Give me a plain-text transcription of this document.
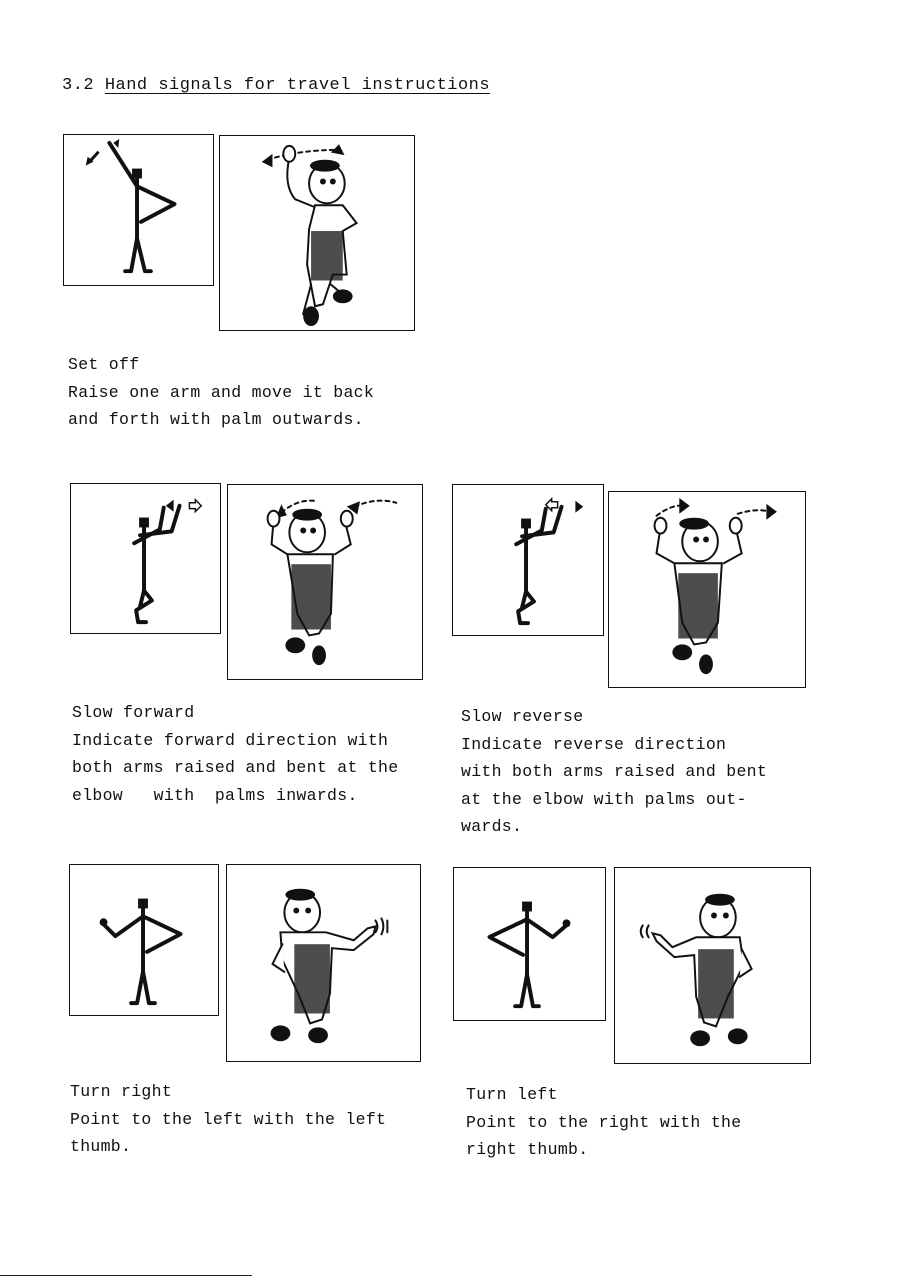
3.2 Hand signals for travel instructions
Set off
Raise one arm and move it back
and forth with palm outwards.
Slow forward
Indicate forward direction with
both arms raised and bent at the
elbow   with  palms inwards.
Slow reverse
Indicate reverse direction
with both arms raised and bent
at the elbow with palms out-
wards.
Turn right
Point to the left with the left
thumb.
Turn left
Point to the right with the
right thumb.
